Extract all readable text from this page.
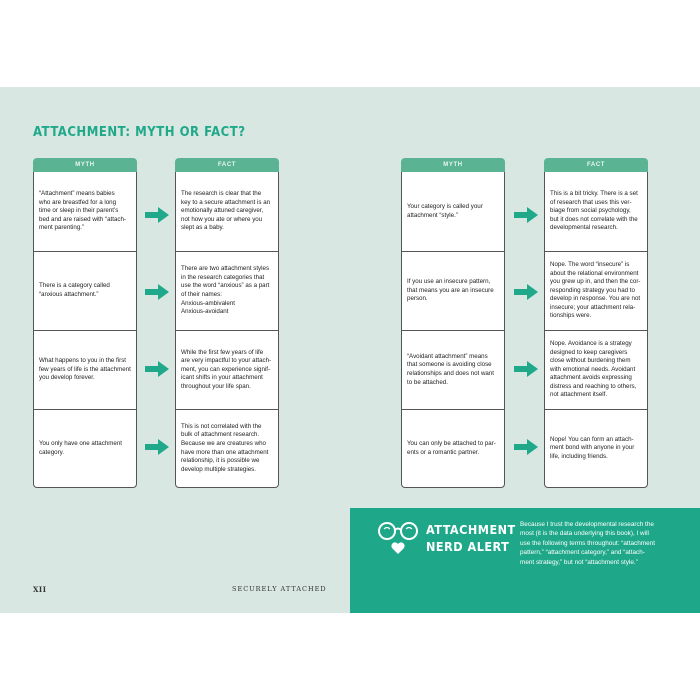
ATTACHMENT: MYTH OR FACT?
MYTH
“Attachment” means babies
who are breastfed for a long
time or sleep in their parent’s
bed and are raised with “attach-
ment parenting.”
There is a category called
“anxious attachment.”
What happens to you in the first
few years of life is the attachment
you develop forever.
You only have one attachment
category.
FACT
The research is clear that the
key to a secure attachment is an
emotionally attuned caregiver,
not how you ate or where you
slept as a baby.
There are two attachment styles
in the research categories that
use the word “anxious” as a part
of their names:
Anxious-ambivalent
Anxious-avoidant
While the first few years of life
are very impactful to your attach-
ment, you can experience signif-
icant shifts in your attachment
throughout your life span.
This is not correlated with the
bulk of attachment research.
Because we are creatures who
have more than one attachment
relationship, it is possible we
develop multiple strategies.
MYTH
Your category is called your
attachment “style.”
If you use an insecure pattern,
that means you are an insecure
person.
“Avoidant attachment” means
that someone is avoiding close
relationships and does not want
to be attached.
You can only be attached to par-
ents or a romantic partner.
FACT
This is a bit tricky. There is a set
of research that uses this ver-
biage from social psychology,
but it does not correlate with the
developmental research.
Nope. The word “insecure” is
about the relational environment
you grew up in, and then the cor-
responding strategy you had to
develop in response. You are not
insecure; your attachment rela-
tionships were.
Nope. Avoidance is a strategy
designed to keep caregivers
close without burdening them
with emotional needs. Avoidant
attachment avoids expressing
distress and reaching to others,
not attachment itself.
Nope! You can form an attach-
ment bond with anyone in your
life, including friends.
XII	SECURELY ATTACHED
ATTACHMENT
NERD ALERT
Because I trust the developmental research the
most (it is the data underlying this book), I will
use the following terms throughout: “attachment
pattern,” “attachment category,” and “attach-
ment strategy,” but not “attachment style.”
